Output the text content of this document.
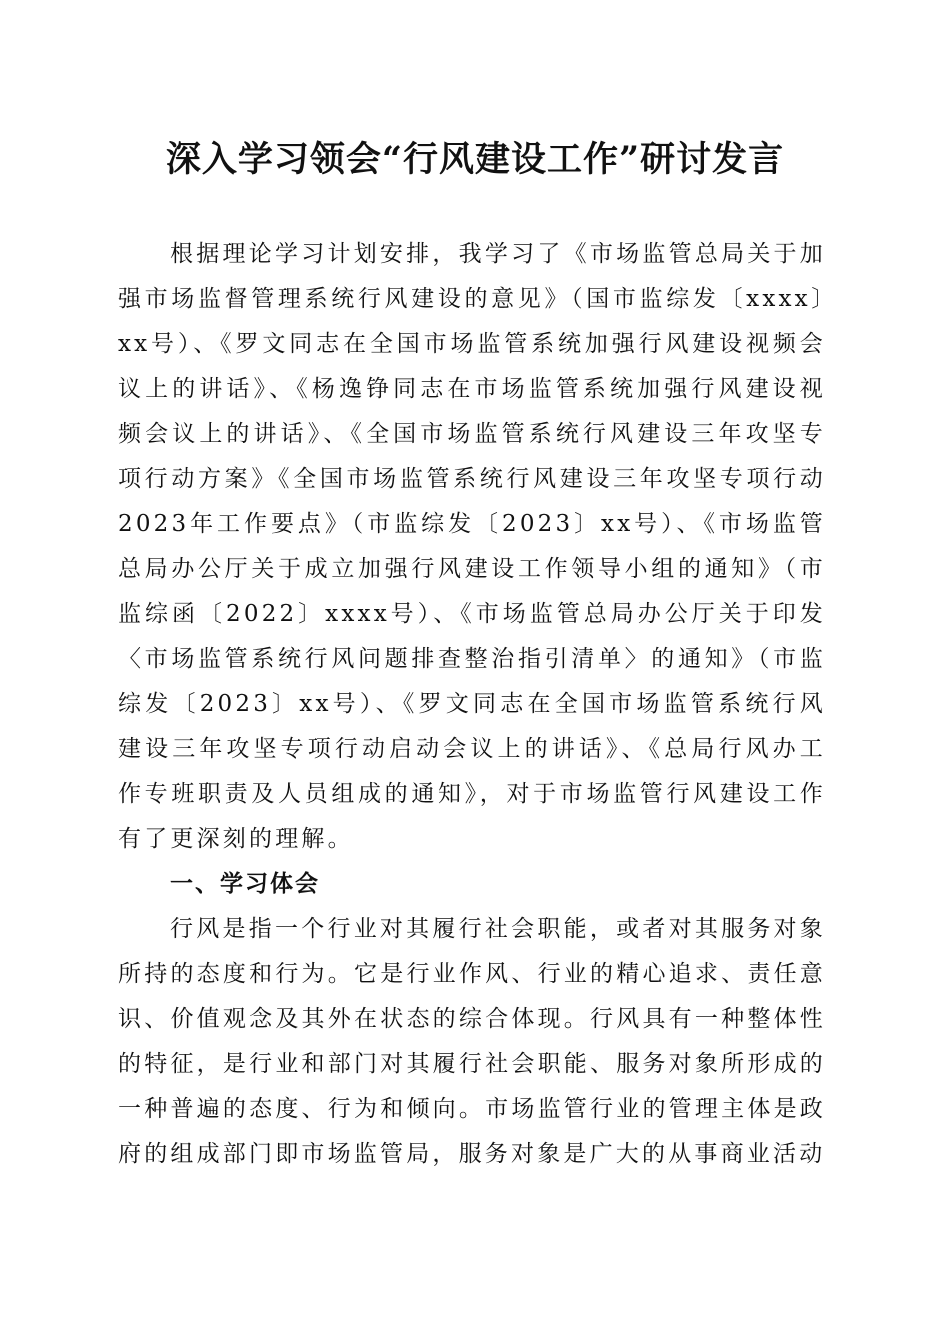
深入学习领会“行风建设工作”研讨发言

根据理论学习计划安排，我学习了《市场监管总局关于加强市场监督管理系统行风建设的意见》（国市监综发〔xxxx〕xx号）、《罗文同志在全国市场监管系统加强行风建设视频会议上的讲话》、《杨逸铮同志在市场监管系统加强行风建设视频会议上的讲话》、《全国市场监管系统行风建设三年攻坚专项行动方案》《全国市场监管系统行风建设三年攻坚专项行动2023年工作要点》（市监综发〔2023〕xx号）、《市场监管总局办公厅关于成立加强行风建设工作领导小组的通知》（市监综函〔2022〕xxxx号）、《市场监管总局办公厅关于印发〈市场监管系统行风问题排查整治指引清单〉的通知》（市监综发〔2023〕xx号）、《罗文同志在全国市场监管系统行风建设三年攻坚专项行动启动会议上的讲话》、《总局行风办工作专班职责及人员组成的通知》，对于市场监管行风建设工作有了更深刻的理解。

一、学习体会

行风是指一个行业对其履行社会职能，或者对其服务对象所持的态度和行为。它是行业作风、行业的精心追求、责任意识、价值观念及其外在状态的综合体现。行风具有一种整体性的特征，是行业和部门对其履行社会职能、服务对象所形成的一种普遍的态度、行为和倾向。市场监管行业的管理主体是政府的组成部门即市场监管局，服务对象是广大的从事商业活动
